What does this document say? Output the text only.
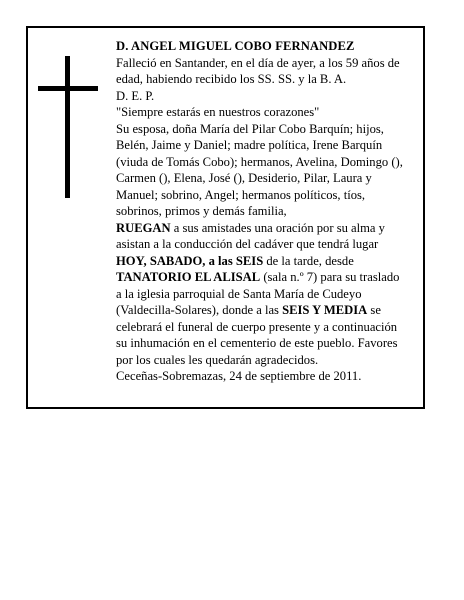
D. ANGEL MIGUEL COBO FERNANDEZ

Falleció en Santander, en el día de ayer, a los 59 años de edad, habiendo recibido los SS. SS. y la B. A.

D. E. P.

"Siempre estarás en nuestros corazones"

Su esposa, doña María del Pilar Cobo Barquín; hijos, Belén, Jaime y Daniel; madre política, Irene Barquín (viuda de Tomás Cobo); hermanos, Avelina, Domingo (), Carmen (), Elena, José (), Desiderio, Pilar, Laura y Manuel; sobrino, Angel; hermanos políticos, tíos, sobrinos, primos y demás familia,

RUEGAN a sus amistades una oración por su alma y asistan a la conducción del cadáver que tendrá lugar HOY, SABADO, a las SEIS de la tarde, desde TANATORIO EL ALISAL (sala n.º 7) para su traslado a la iglesia parroquial de Santa María de Cudeyo (Valdecilla-Solares), donde a las SEIS Y MEDIA se celebrará el funeral de cuerpo presente y a continuación su inhumación en el cementerio de este pueblo. Favores por los cuales les quedarán agradecidos.

Ceceñas-Sobremazas, 24 de septiembre de 2011.
